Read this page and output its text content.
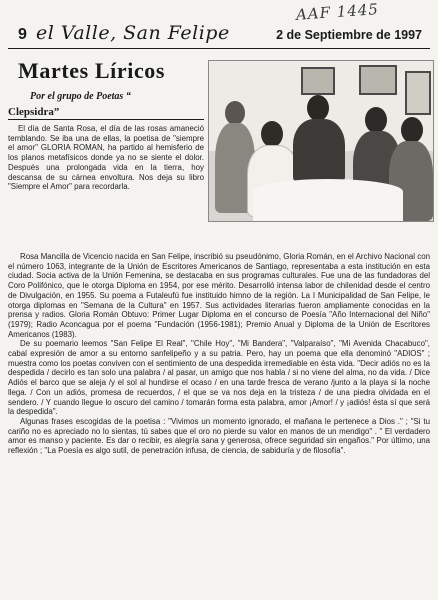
AAF 1445
9 el Valle, San Felipe	2 de Septiembre de 1997
Martes Líricos
Por el grupo de Poetas “
Clepsidra”

El día de Santa Rosa, el día de las rosas amaneció temblando. Se iba una de ellas, la poetisa de "siempre el amor" GLORIA ROMAN, ha partido al hemisferio de los planos metafísicos donde ya no se siente el dolor. Después una prolongada vida en la tierra, hoy descansa de su cárnea envoltura. Nos deja su libro "Siempre el Amor" para recordarla.

Rosa Mancilla de Vicencio nacida en San Felipe, inscribió su pseudónimo, Gloria Román, en el Archivo Nacional con el número 1063, integrante de la Unión de Escritores Americanos de Santiago, representaba a esta institución en esta ciudad. Socia activa de la Unión Femenina, se destacaba en sus programas culturales. Fue una de las fundadoras del Coro Polifónico, que le otorga Diploma en 1954, por ese mérito. Desarrolló intensa labor de chilenidad desde el centro de Divulgación, en 1955. Su poema a Futaleufú fue instituido himno de la región. La I Municipalidad de San Felipe, le otorga diplomas en "Semana de la Cultura" en 1957. Sus actividades literarias fueron ampliamente conocidas en la prensa y radios. Gloria Román Obtuvo: Primer Lugar Diploma en el concurso de Poesía "Año Internacional del Niño" (1979); Radio Aconcagua por el poema "Fundación (1956-1981); Premio Anual y Diploma de la Unión de Escritores Americanos (1983).

De su poemario leemos "San Felipe El Real", "Chile Hoy", "Mi Bandera", "Valparaíso", "Mi Avenida Chacabuco", cabal expresión de amor a su entorno sanfelipeño y a su patria. Pero, hay un poema que ella denominó "ADIOS" ; muestra como los poetas conviven con el sentimiento de una despedida irremediable en ésta vida. "Decir adiós no es la despedida / decirlo es tan solo una palabra / al pasar, un amigo que nos habla / si no viene del alma, no da vida. / Dice Adiós el barco que se aleja /y el sol al hundirse el ocaso / en una tarde fresca de verano /junto a la playa si la noche llega. / Con un adiós, promesa de recuerdos, / el que se va nos deja en la tristeza / de una piedra olvidada en el sendero. / Y cuando llegue lo oscuro del camino / tomarán forma esta palabra, amor ¡Amor! / y ¡adiós! ésta sí que será la despedida".

Algunas frases escogidas de la poetisa : "Vivimos un momento ignorado, el mañana le pertenece a Dios ." ; "Si tu cariño no es apreciado no lo sientas, tú sabes que el oro no pierde su valor en manos de un mendigo" . " El verdadero amor es manso y paciente. Es dar o recibir, es alegría sana y generosa, ofrece seguridad sin engaños." Por último, una reflexión ; "La Poesía es algo sutil, de penetración infusa, de ciencia, de sabiduría y de filosofía".
